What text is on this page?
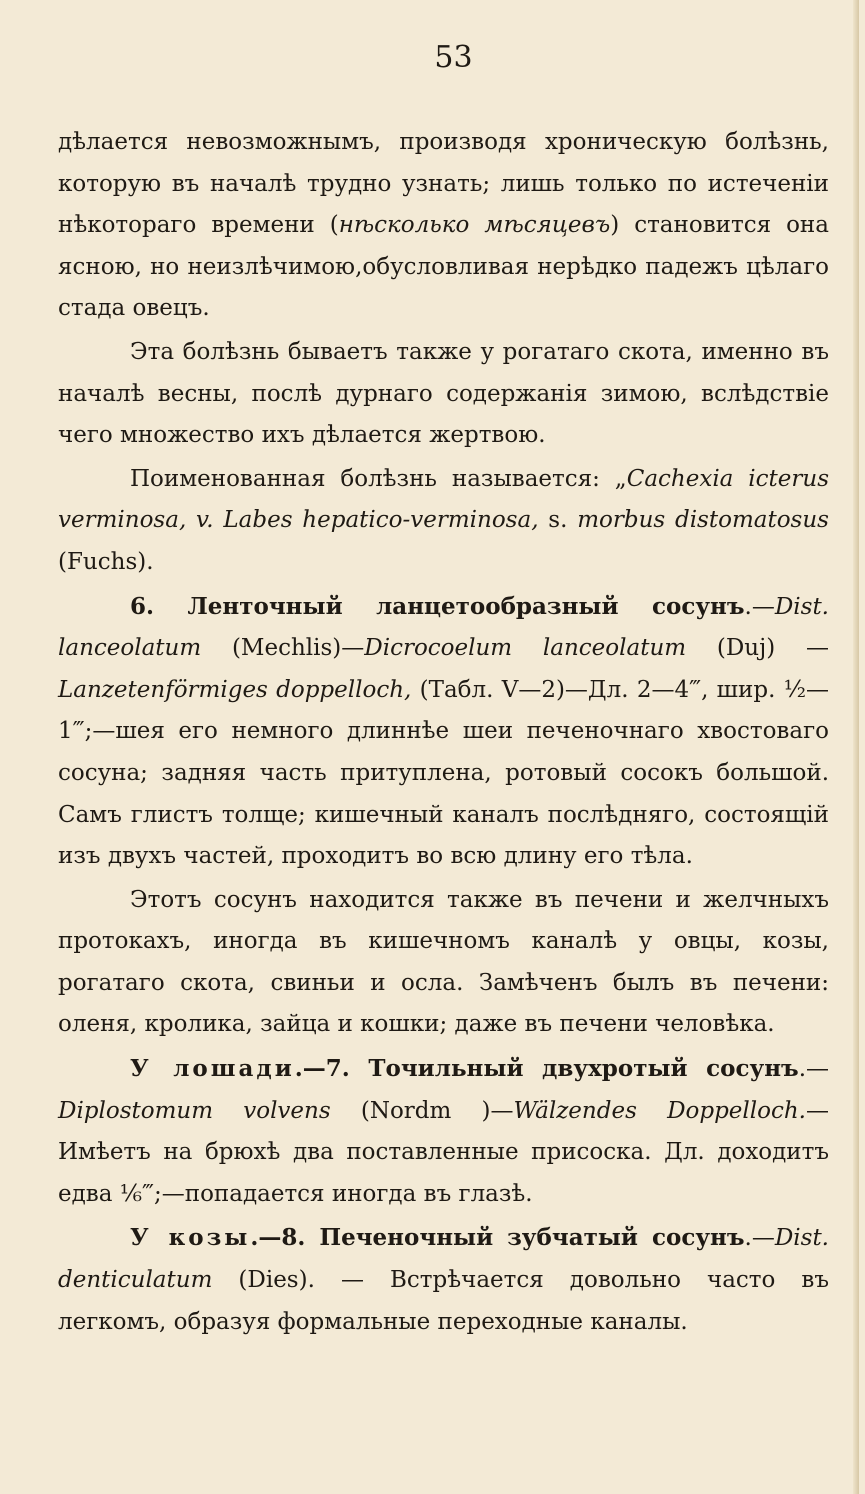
53

дѣлается невозможнымъ, производя хроническую болѣзнь, которую въ началѣ трудно узнать; лишь только по истеченіи нѣкотораго времени (нѣсколько мѣсяцевъ) становится она ясною, но неизлѣчимою,обуслoвливая нерѣдко падежъ цѣлаго стада овецъ.

Эта болѣзнь бываетъ также у рогатаго скота, именно въ началѣ весны, послѣ дурнаго содержанія зимою, вслѣдствіе чего множество ихъ дѣлается жертвою.

Поименованная болѣзнь называется: „Cachexia icterus verminosa, v. Labes hepatico-verminosa, s. morbus distomatosus (Fuchs).

6. Ленточный ланцетообразный сосунъ.—Dist. lanceolatum (Mechlis)—Dicrocoelum lanceolatum (Duj) — Lanzetenförmiges doppelloch, (Табл. V—2)—Дл. 2—4‴, шир. ½—1‴;—шея его немного длиннѣе шеи печеночнаго хвостоваго сосуна; задняя часть притуплена, ротовый сосокъ большой. Самъ глистъ толще; кишечный каналъ послѣдняго, состоящій изъ двухъ частей, проходитъ во всю длину его тѣла.

Этотъ сосунъ находится также въ печени и желчныхъ протокахъ, иногда въ кишечномъ каналѣ у овцы, козы, рогатаго скота, свиньи и осла. Замѣченъ былъ въ печени: оленя, кролика, зайца и кошки; даже въ печени человѣка.

У лошади.—7. Точильный двухротый сосунъ.—Diplostomum volvens (Nordm )—Wälzendes Doppelloch.—Имѣетъ на брюхѣ два поставленные присоска. Дл. доходитъ едва ⅙‴;—попадается иногда въ глазѣ.

У козы.—8. Печеночный зубчатый сосунъ.—Dist. denticulatum (Dies). — Встрѣчается довольно часто въ легкомъ, образуя формальные переходные каналы.
